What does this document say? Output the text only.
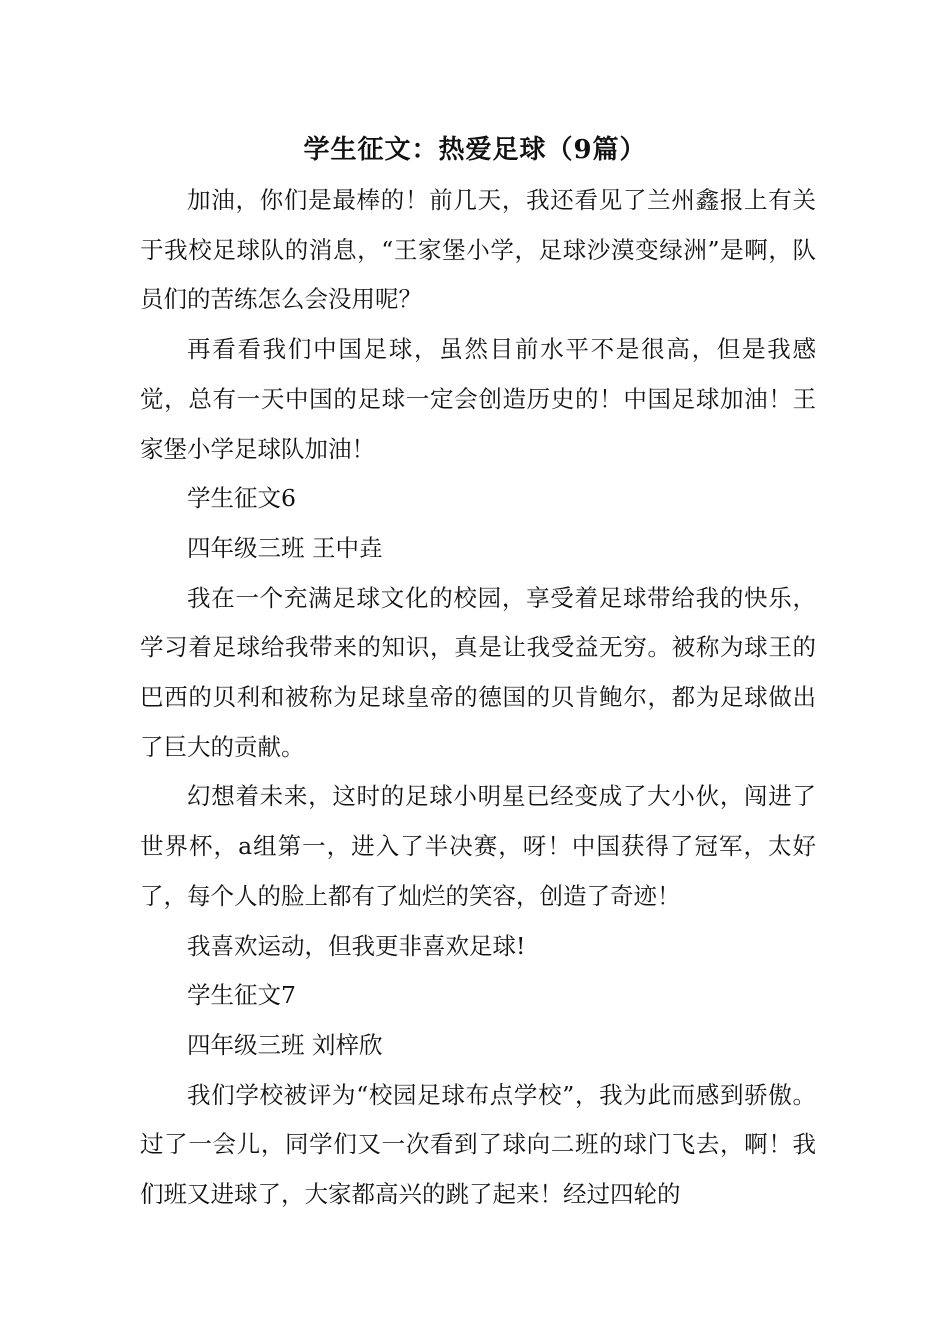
学生征文：热爱足球（9篇）

加油，你们是最棒的！前几天，我还看见了兰州鑫报上有关于我校足球队的消息，“王家堡小学，足球沙漠变绿洲”是啊，队员们的苦练怎么会没用呢？

再看看我们中国足球，虽然目前水平不是很高，但是我感觉，总有一天中国的足球一定会创造历史的！中国足球加油！王家堡小学足球队加油！

学生征文6

四年级三班 王中垚

我在一个充满足球文化的校园，享受着足球带给我的快乐，学习着足球给我带来的知识，真是让我受益无穷。被称为球王的巴西的贝利和被称为足球皇帝的德国的贝肯鲍尔，都为足球做出了巨大的贡献。

幻想着未来，这时的足球小明星已经变成了大小伙，闯进了世界杯，a组第一，进入了半决赛，呀！中国获得了冠军，太好了，每个人的脸上都有了灿烂的笑容，创造了奇迹！

我喜欢运动，但我更非喜欢足球!

学生征文7

四年级三班 刘梓欣

我们学校被评为“校园足球布点学校”，我为此而感到骄傲。过了一会儿，同学们又一次看到了球向二班的球门飞去，啊！我们班又进球了，大家都高兴的跳了起来！经过四轮的
